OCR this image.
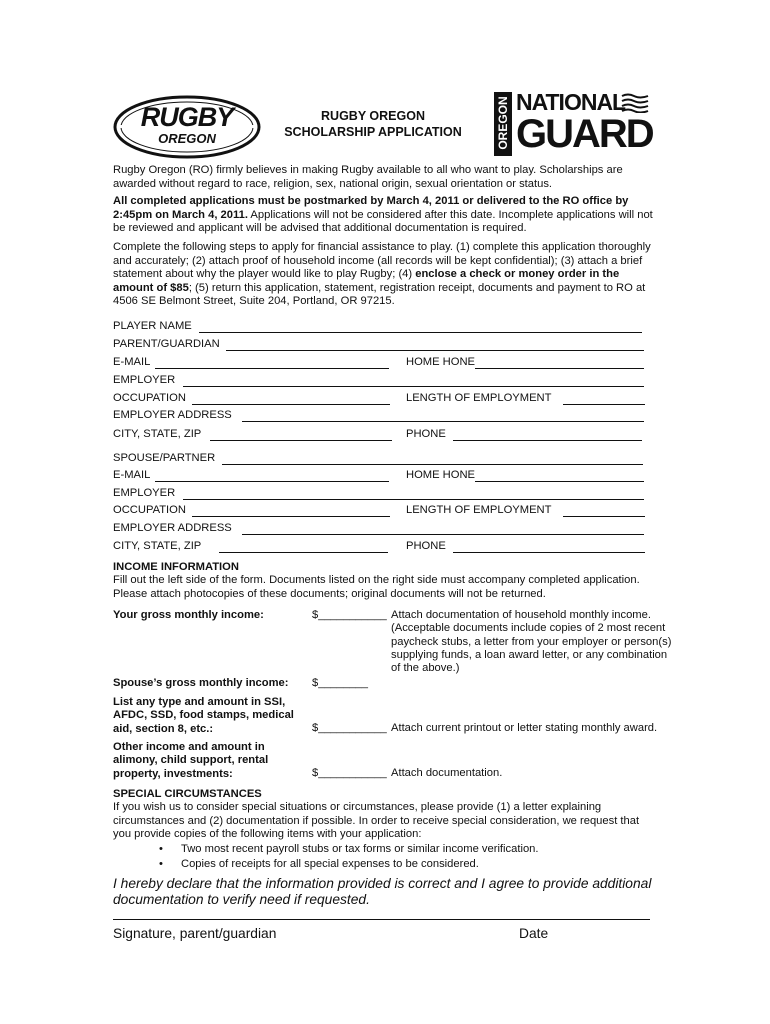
RUGBY
OREGON
RUGBY OREGON
SCHOLARSHIP APPLICATION	OREGON NATIONAL
GUARD
Rugby Oregon (RO) firmly believes in making Rugby available to all who want to play. Scholarships are awarded without regard to race, religion, sex, national origin, sexual orientation or status.
All completed applications must be postmarked by March 4, 2011 or delivered to the RO office by 2:45pm on March 4, 2011. Applications will not be considered after this date. Incomplete applications will not be reviewed and applicant will be advised that additional documentation is required.
Complete the following steps to apply for financial assistance to play. (1) complete this application thoroughly and accurately; (2) attach proof of household income (all records will be kept confidential); (3) attach a brief statement about why the player would like to play Rugby; (4) enclose a check or money order in the amount of $85; (5) return this application, statement, registration receipt, documents and payment to RO at 4506 SE Belmont Street, Suite 204, Portland, OR 97215.
PLAYER NAME
PARENT/GUARDIAN
E-MAIL	HOME HONE
EMPLOYER
OCCUPATION	LENGTH OF EMPLOYMENT
EMPLOYER ADDRESS
CITY, STATE, ZIP	PHONE
SPOUSE/PARTNER
E-MAIL	HOME HONE
EMPLOYER
OCCUPATION	LENGTH OF EMPLOYMENT
EMPLOYER ADDRESS
CITY, STATE, ZIP	PHONE
INCOME INFORMATION
Fill out the left side of the form. Documents listed on the right side must accompany completed application. Please attach photocopies of these documents; original documents will not be returned.
Your gross monthly income:	$___________ Attach documentation of household monthly income. (Acceptable documents include copies of 2 most recent paycheck stubs, a letter from your employer or person(s) supplying funds, a loan award letter, or any combination of the above.)
Spouse’s gross monthly income:	$________
List any type and amount in SSI, AFDC, SSD, food stamps, medical aid, section 8, etc.:	$___________ Attach current printout or letter stating monthly award.
Other income and amount in alimony, child support, rental property, investments:	$___________ Attach documentation.
SPECIAL CIRCUMSTANCES
If you wish us to consider special situations or circumstances, please provide (1) a letter explaining circumstances and (2) documentation if possible. In order to receive special consideration, we request that you provide copies of the following items with your application:
• Two most recent payroll stubs or tax forms or similar income verification.
• Copies of receipts for all special expenses to be considered.
I hereby declare that the information provided is correct and I agree to provide additional documentation to verify need if requested.
Signature, parent/guardian	Date
